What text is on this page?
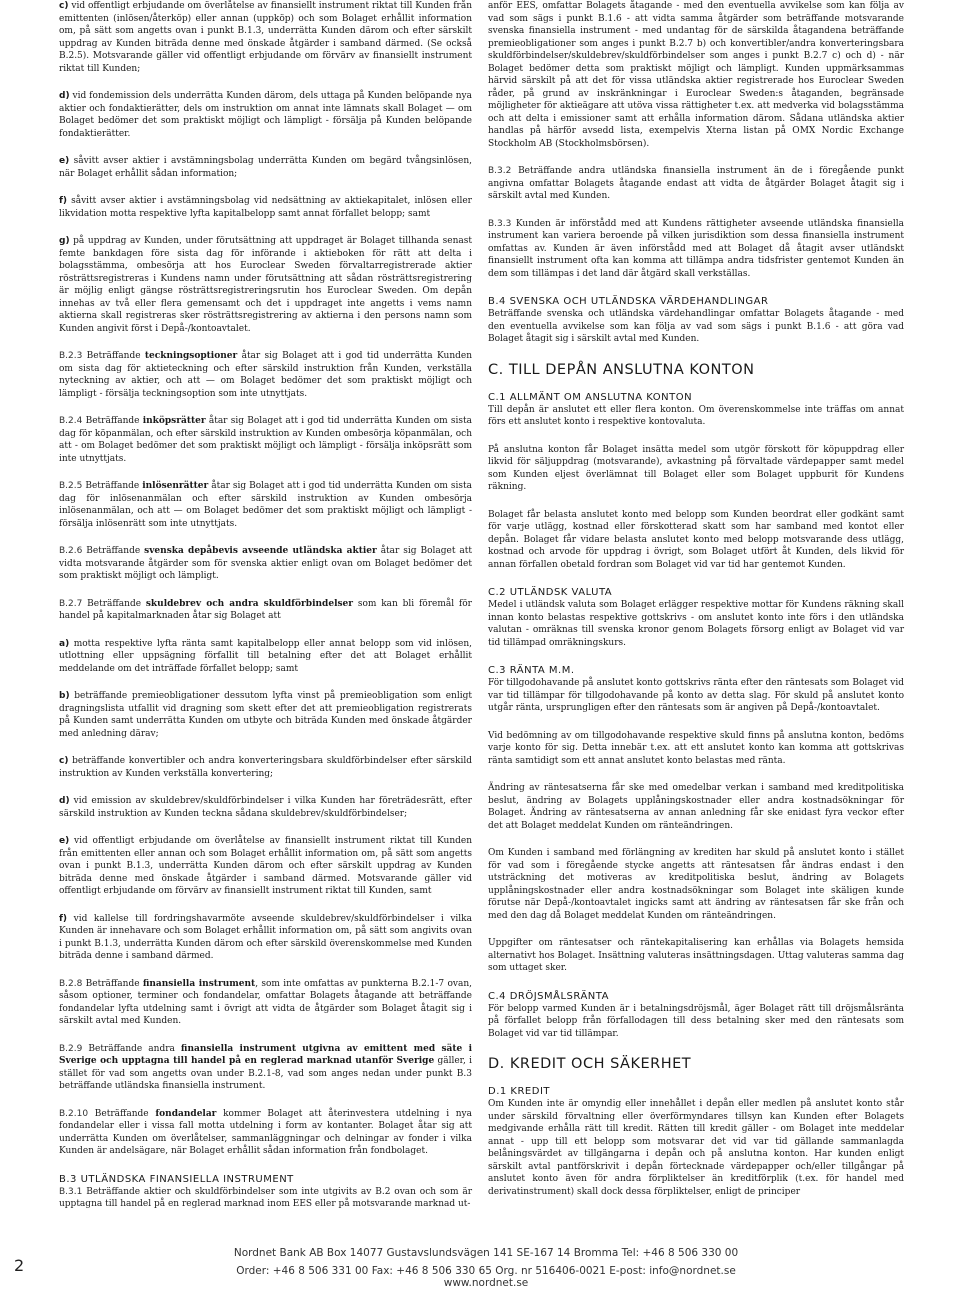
c) vid offentligt erbjudande om överlåtelse av finansiellt instrument riktat till Kunden från emittenten (inlösen/återköp) eller annan (uppköp) och som Bolaget erhållit information om, på sätt som angetts ovan i punkt B.1.3, underrätta Kunden därom och efter särskilt uppdrag av Kunden biträda denne med önskade åtgärder i samband därmed. (Se också B.2.5). Motsvarande gäller vid offentligt erbjudande om förvärv av finansiellt instrument riktat till Kunden;

d) vid fondemission dels underrätta Kunden därom, dels uttaga på Kunden belöpande nya aktier och fondaktierätter, dels om instruktion om annat inte lämnats skall Bolaget — om Bolaget bedömer det som praktiskt möjligt och lämpligt - försälja på Kunden belöpande fondaktierätter.

e) såvitt avser aktier i avstämningsbolag underrätta Kunden om begärd tvångsinlösen, när Bolaget erhållit sådan information;

f) såvitt avser aktier i avstämningsbolag vid nedsättning av aktiekapitalet, inlösen eller likvidation motta respektive lyfta kapitalbelopp samt annat förfallet belopp; samt

g) på uppdrag av Kunden, under förutsättning att uppdraget är Bolaget tillhanda senast femte bankdagen före sista dag för införande i aktieboken för rätt att delta i bolagsstämma, ombesörja att hos Euroclear Sweden förvaltarregistrerade aktier rösträttsregistreras i Kundens namn under förutsättning att sådan rösträttsregistrering är möjlig enligt gängse rösträttsregistreringsrutin hos Euroclear Sweden. Om depån innehas av två eller flera gemensamt och det i uppdraget inte angetts i vems namn aktierna skall registreras sker rösträttsregistrering av aktierna i den persons namn som Kunden angivit först i Depå-/kontoavtalet.

B.2.3 Beträffande teckningsoptioner åtar sig Bolaget att i god tid underrätta Kunden om sista dag för aktieteckning och efter särskild instruktion från Kunden, verkställa nyteckning av aktier, och att — om Bolaget bedömer det som praktiskt möjligt och lämpligt - försälja teckningsoption som inte utnyttjats.

B.2.4 Beträffande inköpsrätter åtar sig Bolaget att i god tid underrätta Kunden om sista dag för köpanmälan, och efter särskild instruktion av Kunden ombesörja köpanmälan, och att - om Bolaget bedömer det som praktiskt möjligt och lämpligt - försälja inköpsrätt som inte utnyttjats.

B.2.5 Beträffande inlösenrätter åtar sig Bolaget att i god tid underrätta Kunden om sista dag för inlösenanmälan och efter särskild instruktion av Kunden ombesörja inlösenanmälan, och att — om Bolaget bedömer det som praktiskt möjligt och lämpligt - försälja inlösenrätt som inte utnyttjats.

B.2.6 Beträffande svenska depåbevis avseende utländska aktier åtar sig Bolaget att vidta motsvarande åtgärder som för svenska aktier enligt ovan om Bolaget bedömer det som praktiskt möjligt och lämpligt.

B.2.7 Beträffande skuldebrev och andra skuldförbindelser som kan bli föremål för handel på kapitalmarknaden åtar sig Bolaget att

a) motta respektive lyfta ränta samt kapitalbelopp eller annat belopp som vid inlösen, utlottning eller uppsägning förfallit till betalning efter det att Bolaget erhållit meddelande om det inträffade förfallet belopp; samt

b) beträffande premieobligationer dessutom lyfta vinst på premieobligation som enligt dragningslista utfallit vid dragning som skett efter det att premieobligation registrerats på Kunden samt underrätta Kunden om utbyte och biträda Kunden med önskade åtgärder med anledning därav;

c) beträffande konvertibler och andra konverteringsbara skuldförbindelser efter särskild instruktion av Kunden verkställa konvertering;

d) vid emission av skuldebrev/skuldförbindelser i vilka Kunden har företrädesrätt, efter särskild instruktion av Kunden teckna sådana skuldebrev/skuldförbindelser;

e) vid offentligt erbjudande om överlåtelse av finansiellt instrument riktat till Kunden från emittenten eller annan och som Bolaget erhållit information om, på sätt som angetts ovan i punkt B.1.3, underrätta Kunden därom och efter särskilt uppdrag av Kunden biträda denne med önskade åtgärder i samband därmed. Motsvarande gäller vid offentligt erbjudande om förvärv av finansiellt instrument riktat till Kunden, samt

f) vid kallelse till fordringshavarmöte avseende skuldebrev/skuldförbindelser i vilka Kunden är innehavare och som Bolaget erhållit information om, på sätt som angivits ovan i punkt B.1.3, underrätta Kunden därom och efter särskild överenskommelse med Kunden biträda denne i samband därmed.

B.2.8 Beträffande finansiella instrument, som inte omfattas av punkterna B.2.1-7 ovan, såsom optioner, terminer och fondandelar, omfattar Bolagets åtagande att beträffande fondandelar lyfta utdelning samt i övrigt att vidta de åtgärder som Bolaget åtagit sig i särskilt avtal med Kunden.

B.2.9 Beträffande andra finansiella instrument utgivna av emittent med säte i Sverige och upptagna till handel på en reglerad marknad utanför Sverige gäller, i stället för vad som angetts ovan under B.2.1-8, vad som anges nedan under punkt B.3 beträffande utländska finansiella instrument.

B.2.10 Beträffande fondandelar kommer Bolaget att återinvestera utdelning i nya fondandelar eller i vissa fall motta utdelning i form av kontanter. Bolaget åtar sig att underrätta Kunden om överlåtelser, sammanläggningar och delningar av fonder i vilka Kunden är andelsägare, när Bolaget erhållit sådan information från fondbolaget.

B.3 UTLÄNDSKA FINANSIELLA INSTRUMENT

B.3.1 Beträffande aktier och skuldförbindelser som inte utgivits av B.2 ovan och som är upptagna till handel på en reglerad marknad inom EES eller på motsvarande marknad ut-

anför EES, omfattar Bolagets åtagande - med den eventuella avvikelse som kan följa av vad som sägs i punkt B.1.6 - att vidta samma åtgärder som beträffande motsvarande svenska finansiella instrument - med undantag för de särskilda åtagandena beträffande premieobligationer som anges i punkt B.2.7 b) och konvertibler/andra konverteringsbara skuldförbindelser/skuldebrev/skuldförbindelser som anges i punkt B.2.7 c) och d) - när Bolaget bedömer detta som praktiskt möjligt och lämpligt. Kunden uppmärksammas härvid särskilt på att det för vissa utländska aktier registrerade hos Euroclear Sweden råder, på grund av inskränkningar i Euroclear Sweden:s åtaganden, begränsade möjligheter för aktieägare att utöva vissa rättigheter t.ex. att medverka vid bolagsstämma och att delta i emissioner samt att erhålla information därom. Sådana utländska aktier handlas på härför avsedd lista, exempelvis Xterna listan på OMX Nordic Exchange Stockholm AB (Stockholmsbörsen).

B.3.2 Beträffande andra utländska finansiella instrument än de i föregående punkt angivna omfattar Bolagets åtagande endast att vidta de åtgärder Bolaget åtagit sig i särskilt avtal med Kunden.

B.3.3 Kunden är införstådd med att Kundens rättigheter avseende utländska finansiella instrument kan variera beroende på vilken jurisdiktion som dessa finansiella instrument omfattas av. Kunden är även införstådd med att Bolaget då åtagit avser utländskt finansiellt instrument ofta kan komma att tillämpa andra tidsfrister gentemot Kunden än dem som tillämpas i det land där åtgärd skall verkställas.

B.4 SVENSKA OCH UTLÄNDSKA VÄRDEHANDLINGAR

Beträffande svenska och utländska värdehandlingar omfattar Bolagets åtagande - med den eventuella avvikelse som kan följa av vad som sägs i punkt B.1.6 - att göra vad Bolaget åtagit sig i särskilt avtal med Kunden.

C. TILL DEPÅN ANSLUTNA KONTON
C.1 ALLMÄNT OM ANSLUTNA KONTON

Till depån är anslutet ett eller flera konton. Om överenskommelse inte träffas om annat förs ett anslutet konto i respektive kontovaluta.

På anslutna konton får Bolaget insätta medel som utgör förskott för köpuppdrag eller likvid för säljuppdrag (motsvarande), avkastning på förvaltade värdepapper samt medel som Kunden eljest överlämnat till Bolaget eller som Bolaget uppburit för Kundens räkning.

Bolaget får belasta anslutet konto med belopp som Kunden beordrat eller godkänt samt för varje utlägg, kostnad eller förskotterad skatt som har samband med kontot eller depån. Bolaget får vidare belasta anslutet konto med belopp motsvarande dess utlägg, kostnad och arvode för uppdrag i övrigt, som Bolaget utfört åt Kunden, dels likvid för annan förfallen obetald fordran som Bolaget vid var tid har gentemot Kunden.

C.2 UTLÄNDSK VALUTA

Medel i utländsk valuta som Bolaget erlägger respektive mottar för Kundens räkning skall innan konto belastas respektive gottskrivs - om anslutet konto inte förs i den utländska valutan - omräknas till svenska kronor genom Bolagets försorg enligt av Bolaget vid var tid tillämpad omräkningskurs.

C.3 RÄNTA M.M.

För tillgodohavande på anslutet konto gottskrivs ränta efter den räntesats som Bolaget vid var tid tillämpar för tillgodohavande på konto av detta slag. För skuld på anslutet konto utgår ränta, ursprungligen efter den räntesats som är angiven på Depå-/kontoavtalet.

Vid bedömning av om tillgodohavande respektive skuld finns på anslutna konton, bedöms varje konto för sig. Detta innebär t.ex. att ett anslutet konto kan komma att gottskrivas ränta samtidigt som ett annat anslutet konto belastas med ränta.

Ändring av räntesatserna får ske med omedelbar verkan i samband med kreditpolitiska beslut, ändring av Bolagets upplåningskostnader eller andra kostnadsökningar för Bolaget. Ändring av räntesatserna av annan anledning får ske enidast fyra veckor efter det att Bolaget meddelat Kunden om ränteändringen.

Om Kunden i samband med förlängning av krediten har skuld på anslutet konto i stället för vad som i föregående stycke angetts att räntesatsen får ändras endast i den utsträckning det motiveras av kreditpolitiska beslut, ändring av Bolagets upplåningskostnader eller andra kostnadsökningar som Bolaget inte skäligen kunde förutse när Depå-/kontoavtalet ingicks samt att ändring av räntesatsen får ske från och med den dag då Bolaget meddelat Kunden om ränteändringen.

Uppgifter om räntesatser och räntekapitalisering kan erhållas via Bolagets hemsida alternativt hos Bolaget. Insättning valuteras insättningsdagen. Uttag valuteras samma dag som uttaget sker.

C.4 DRÖJSMÅLSRÄNTA

För belopp varmed Kunden är i betalningsdröjsmål, äger Bolaget rätt till dröjsmålsränta på förfallet belopp från förfallodagen till dess betalning sker med den räntesats som Bolaget vid var tid tillämpar.

D. KREDIT OCH SÄKERHET
D.1 KREDIT

Om Kunden inte är omyndig eller innehållet i depån eller medlen på anslutet konto står under särskild förvaltning eller överförmyndares tillsyn kan Kunden efter Bolagets medgivande erhålla rätt till kredit. Rätten till kredit gäller - om Bolaget inte meddelar annat - upp till ett belopp som motsvarar det vid var tid gällande sammanlagda belåningsvärdet av tillgängarna i depån och på anslutna konton. Har kunden enligt särskilt avtal pantförskrivit i depån förtecknade värdepapper och/eller tillgångar på anslutet konto även för andra förpliktelser än kreditförplik (t.ex. för handel med derivatinstrument) skall dock dessa förpliktelser, enligt de principer

2
Nordnet Bank AB Box 14077 Gustavslundsvägen 141 SE-167 14 Bromma Tel: +46 8 506 330 00
Order: +46 8 506 331 00 Fax: +46 8 506 330 65 Org. nr 516406-0021 E-post: info@nordnet.se www.nordnet.se
